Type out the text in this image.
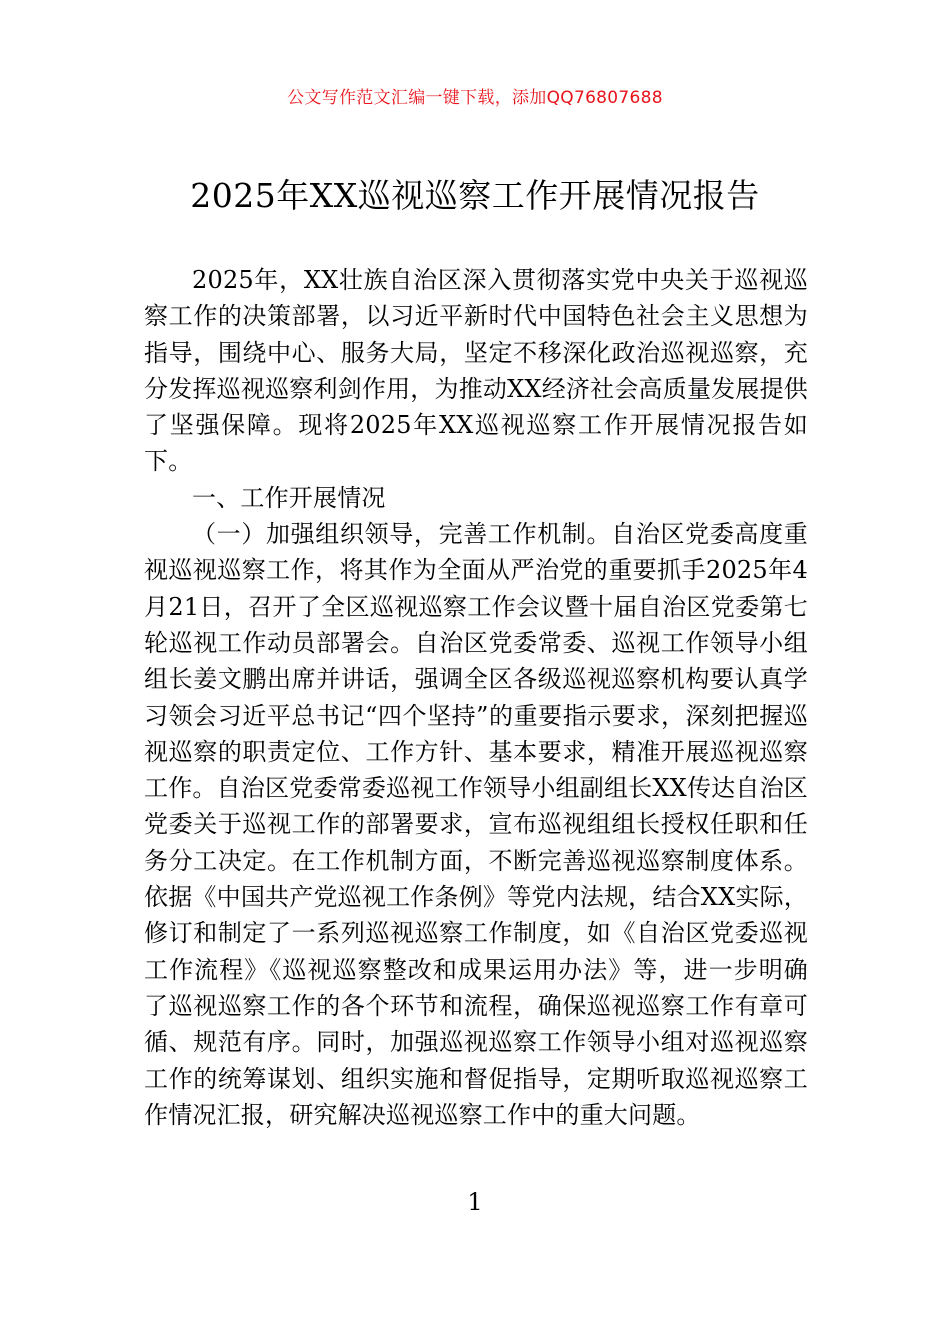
公文写作范文汇编一键下载，添加QQ76807688
2025年XX巡视巡察工作开展情况报告

2025年，XX壮族自治区深入贯彻落实党中央关于巡视巡察工作的决策部署，以习近平新时代中国特色社会主义思想为指导，围绕中心、服务大局，坚定不移深化政治巡视巡察，充分发挥巡视巡察利剑作用，为推动XX经济社会高质量发展提供了坚强保障。现将2025年XX巡视巡察工作开展情况报告如下。

一、工作开展情况

（一）加强组织领导，完善工作机制。自治区党委高度重视巡视巡察工作，将其作为全面从严治党的重要抓手2025年4月21日，召开了全区巡视巡察工作会议暨十届自治区党委第七轮巡视工作动员部署会。自治区党委常委、巡视工作领导小组组长姜文鹏出席并讲话，强调全区各级巡视巡察机构要认真学习领会习近平总书记“四个坚持”的重要指示要求，深刻把握巡视巡察的职责定位、工作方针、基本要求，精准开展巡视巡察工作。自治区党委常委巡视工作领导小组副组长XX传达自治区党委关于巡视工作的部署要求，宣布巡视组组长授权任职和任务分工决定。在工作机制方面，不断完善巡视巡察制度体系。依据《中国共产党巡视工作条例》等党内法规，结合XX实际，修订和制定了一系列巡视巡察工作制度，如《自治区党委巡视工作流程》《巡视巡察整改和成果运用办法》等，进一步明确了巡视巡察工作的各个环节和流程，确保巡视巡察工作有章可循、规范有序。同时，加强巡视巡察工作领导小组对巡视巡察工作的统筹谋划、组织实施和督促指导，定期听取巡视巡察工作情况汇报，研究解决巡视巡察工作中的重大问题。

1
